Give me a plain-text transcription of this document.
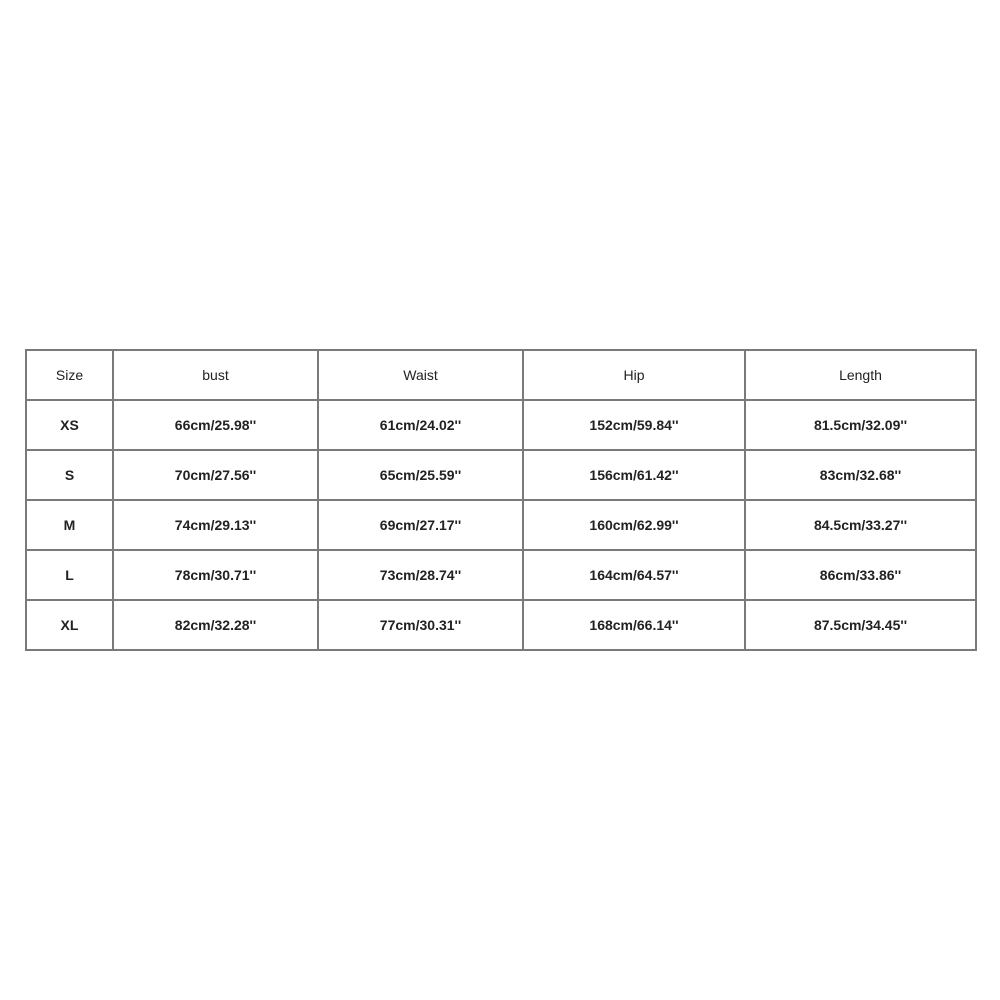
Size	bust	Waist	Hip	Length
XS	66cm/25.98''	61cm/24.02''	152cm/59.84''	81.5cm/32.09''
S	70cm/27.56''	65cm/25.59''	156cm/61.42''	83cm/32.68''
M	74cm/29.13''	69cm/27.17''	160cm/62.99''	84.5cm/33.27''
L	78cm/30.71''	73cm/28.74''	164cm/64.57''	86cm/33.86''
XL	82cm/32.28''	77cm/30.31''	168cm/66.14''	87.5cm/34.45''
